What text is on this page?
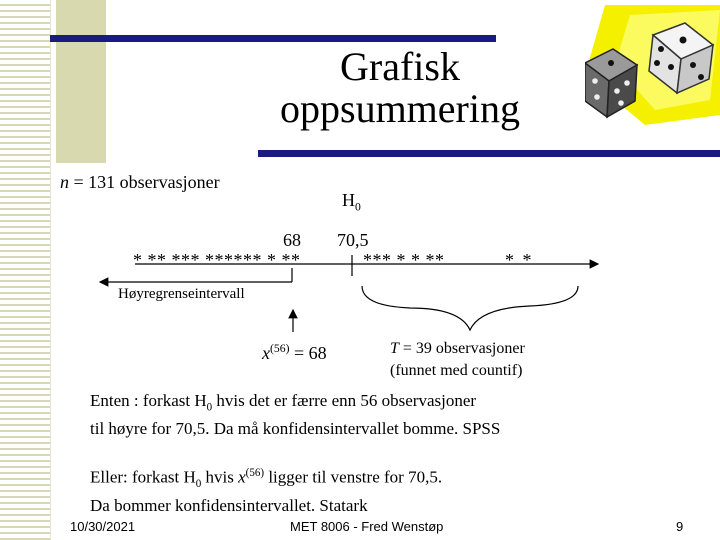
Grafisk
oppsummering
n = 131 observasjoner
$H_0$
68 70,5
* ** *** ****** * **	*** * * **	* *
Høyregrenseintervall
$x^{(56)} = 68$	T = 39 observasjoner
(funnet med countif)
Enten : forkast $H_0$ hvis det er færre enn 56 observasjoner
til høyre for 70,5. Da må konfidensintervallet bomme. SPSS
Eller: forkast $H_0$ hvis $x^{(56)}$ ligger til venstre for 70,5.
Da bommer konfidensintervallet. Statark
10/30/2021	MET 8006 - Fred Wenstøp	9
